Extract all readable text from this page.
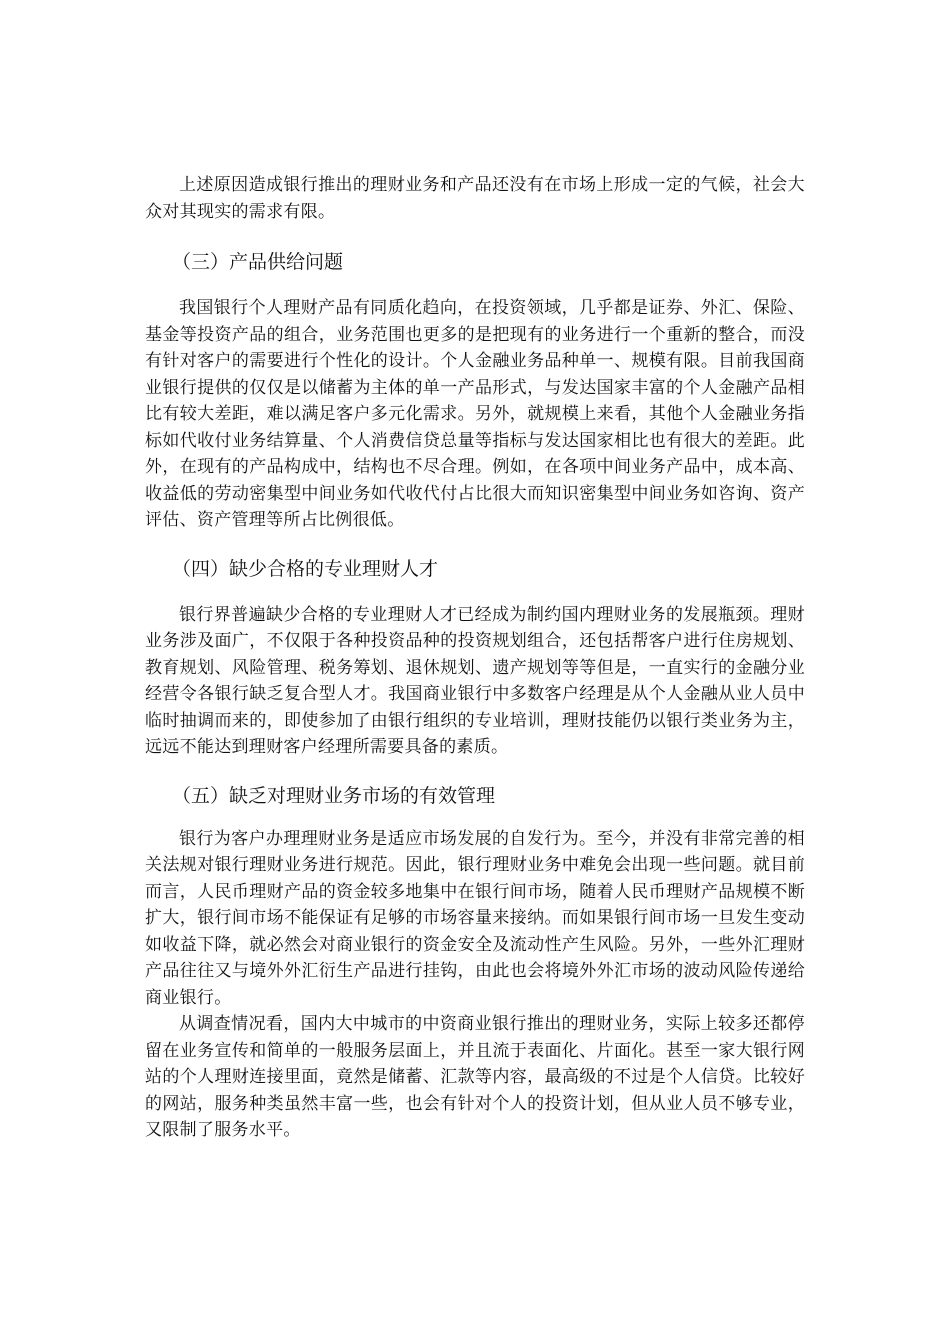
上述原因造成银行推出的理财业务和产品还没有在市场上形成一定的气候，社会大众对其现实的需求有限。

（三）产品供给问题

我国银行个人理财产品有同质化趋向，在投资领域，几乎都是证券、外汇、保险、基金等投资产品的组合，业务范围也更多的是把现有的业务进行一个重新的整合，而没有针对客户的需要进行个性化的设计。个人金融业务品种单一、规模有限。目前我国商业银行提供的仅仅是以储蓄为主体的单一产品形式，与发达国家丰富的个人金融产品相比有较大差距，难以满足客户多元化需求。另外，就规模上来看，其他个人金融业务指标如代收付业务结算量、个人消费信贷总量等指标与发达国家相比也有很大的差距。此外，在现有的产品构成中，结构也不尽合理。例如，在各项中间业务产品中，成本高、收益低的劳动密集型中间业务如代收代付占比很大而知识密集型中间业务如咨询、资产评估、资产管理等所占比例很低。

（四）缺少合格的专业理财人才

银行界普遍缺少合格的专业理财人才已经成为制约国内理财业务的发展瓶颈。理财业务涉及面广，不仅限于各种投资品种的投资规划组合，还包括帮客户进行住房规划、教育规划、风险管理、税务筹划、退休规划、遗产规划等等但是，一直实行的金融分业经营令各银行缺乏复合型人才。我国商业银行中多数客户经理是从个人金融从业人员中临时抽调而来的，即使参加了由银行组织的专业培训，理财技能仍以银行类业务为主，远远不能达到理财客户经理所需要具备的素质。

（五）缺乏对理财业务市场的有效管理

银行为客户办理理财业务是适应市场发展的自发行为。至今，并没有非常完善的相关法规对银行理财业务进行规范。因此，银行理财业务中难免会出现一些问题。就目前而言，人民币理财产品的资金较多地集中在银行间市场，随着人民币理财产品规模不断扩大，银行间市场不能保证有足够的市场容量来接纳。而如果银行间市场一旦发生变动如收益下降，就必然会对商业银行的资金安全及流动性产生风险。另外，一些外汇理财产品往往又与境外外汇衍生产品进行挂钩，由此也会将境外外汇市场的波动风险传递给商业银行。

从调查情况看，国内大中城市的中资商业银行推出的理财业务，实际上较多还都停留在业务宣传和简单的一般服务层面上，并且流于表面化、片面化。甚至一家大银行网站的个人理财连接里面，竟然是储蓄、汇款等内容，最高级的不过是个人信贷。比较好的网站，服务种类虽然丰富一些，也会有针对个人的投资计划，但从业人员不够专业，又限制了服务水平。
